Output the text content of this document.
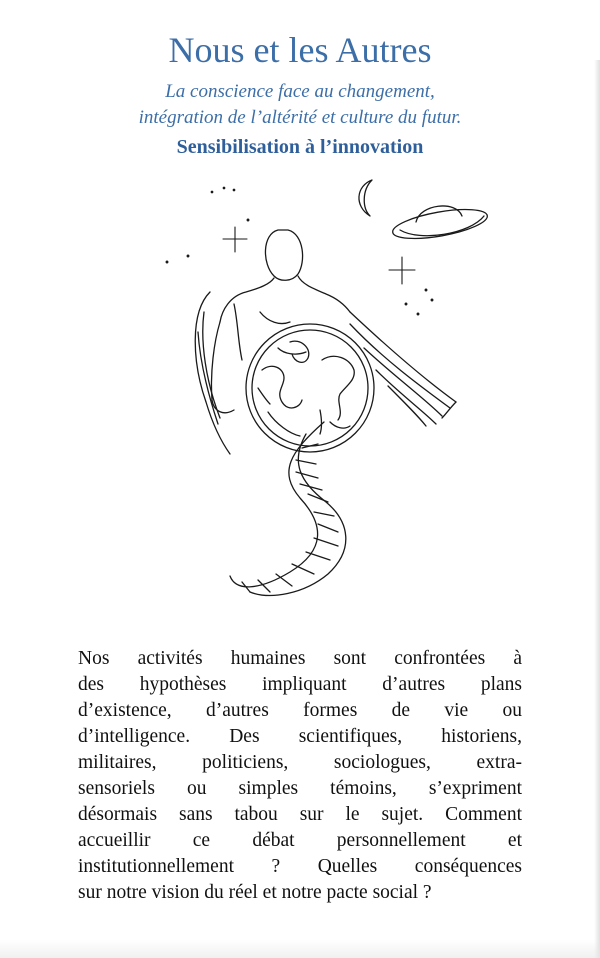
Nous et les Autres
La conscience face au changement,
intégration de l’altérité et culture du futur.
Sensibilisation à l’innovation
Nos activités humaines sont confrontées à
des hypothèses impliquant d’autres plans
d’existence, d’autres formes de vie ou
d’intelligence. Des scientifiques, historiens,
militaires, politiciens, sociologues, extra-
sensoriels ou simples témoins, s’expriment
désormais sans tabou sur le sujet. Comment
accueillir ce débat personnellement et
institutionnellement ? Quelles conséquences
sur notre vision du réel et notre pacte social ?
